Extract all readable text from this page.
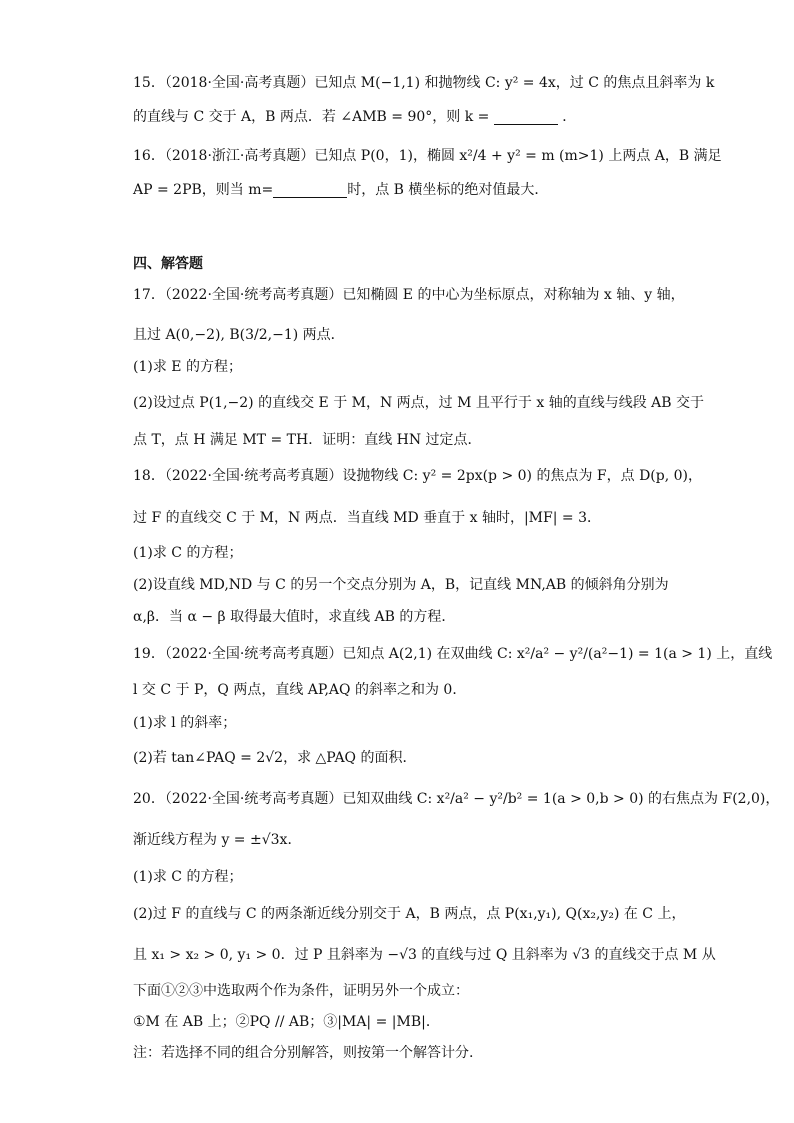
15．（2018·全国·高考真题）已知点 M(−1,1) 和抛物线 C: y² = 4x，过 C 的焦点且斜率为 k
的直线与 C 交于 A，B 两点．若 ∠AMB = 90°，则 k =	．
16．（2018·浙江·高考真题）已知点 P(0，1)，椭圆 x²/4 + y² = m (m>1) 上两点 A，B 满足
AP = 2PB，则当 m=	时，点 B 横坐标的绝对值最大．
四、解答题
17．（2022·全国·统考高考真题）已知椭圆 E 的中心为坐标原点，对称轴为 x 轴、y 轴，
且过 A(0,−2), B(3/2,−1) 两点．
(1)求 E 的方程；
(2)设过点 P(1,−2) 的直线交 E 于 M，N 两点，过 M 且平行于 x 轴的直线与线段 AB 交于
点 T，点 H 满足 MT = TH．证明：直线 HN 过定点．
18．（2022·全国·统考高考真题）设抛物线 C: y² = 2px(p > 0) 的焦点为 F，点 D(p, 0)，
过 F 的直线交 C 于 M，N 两点．当直线 MD 垂直于 x 轴时，|MF| = 3．
(1)求 C 的方程；
(2)设直线 MD,ND 与 C 的另一个交点分别为 A，B，记直线 MN,AB 的倾斜角分别为
α,β．当 α − β 取得最大值时，求直线 AB 的方程．
19．（2022·全国·统考高考真题）已知点 A(2,1) 在双曲线 C: x²/a² − y²/(a²−1) = 1(a > 1) 上，直线
l 交 C 于 P，Q 两点，直线 AP,AQ 的斜率之和为 0．
(1)求 l 的斜率；
(2)若 tan∠PAQ = 2√2，求 △PAQ 的面积．
20．（2022·全国·统考高考真题）已知双曲线 C: x²/a² − y²/b² = 1(a > 0,b > 0) 的右焦点为 F(2,0)，
渐近线方程为 y = ±√3x．
(1)求 C 的方程；
(2)过 F 的直线与 C 的两条渐近线分别交于 A，B 两点，点 P(x₁,y₁), Q(x₂,y₂) 在 C 上，
且 x₁ > x₂ > 0, y₁ > 0．过 P 且斜率为 −√3 的直线与过 Q 且斜率为 √3 的直线交于点 M 从
下面①②③中选取两个作为条件，证明另外一个成立：
①M 在 AB 上；②PQ // AB；③|MA| = |MB|．
注：若选择不同的组合分别解答，则按第一个解答计分.
